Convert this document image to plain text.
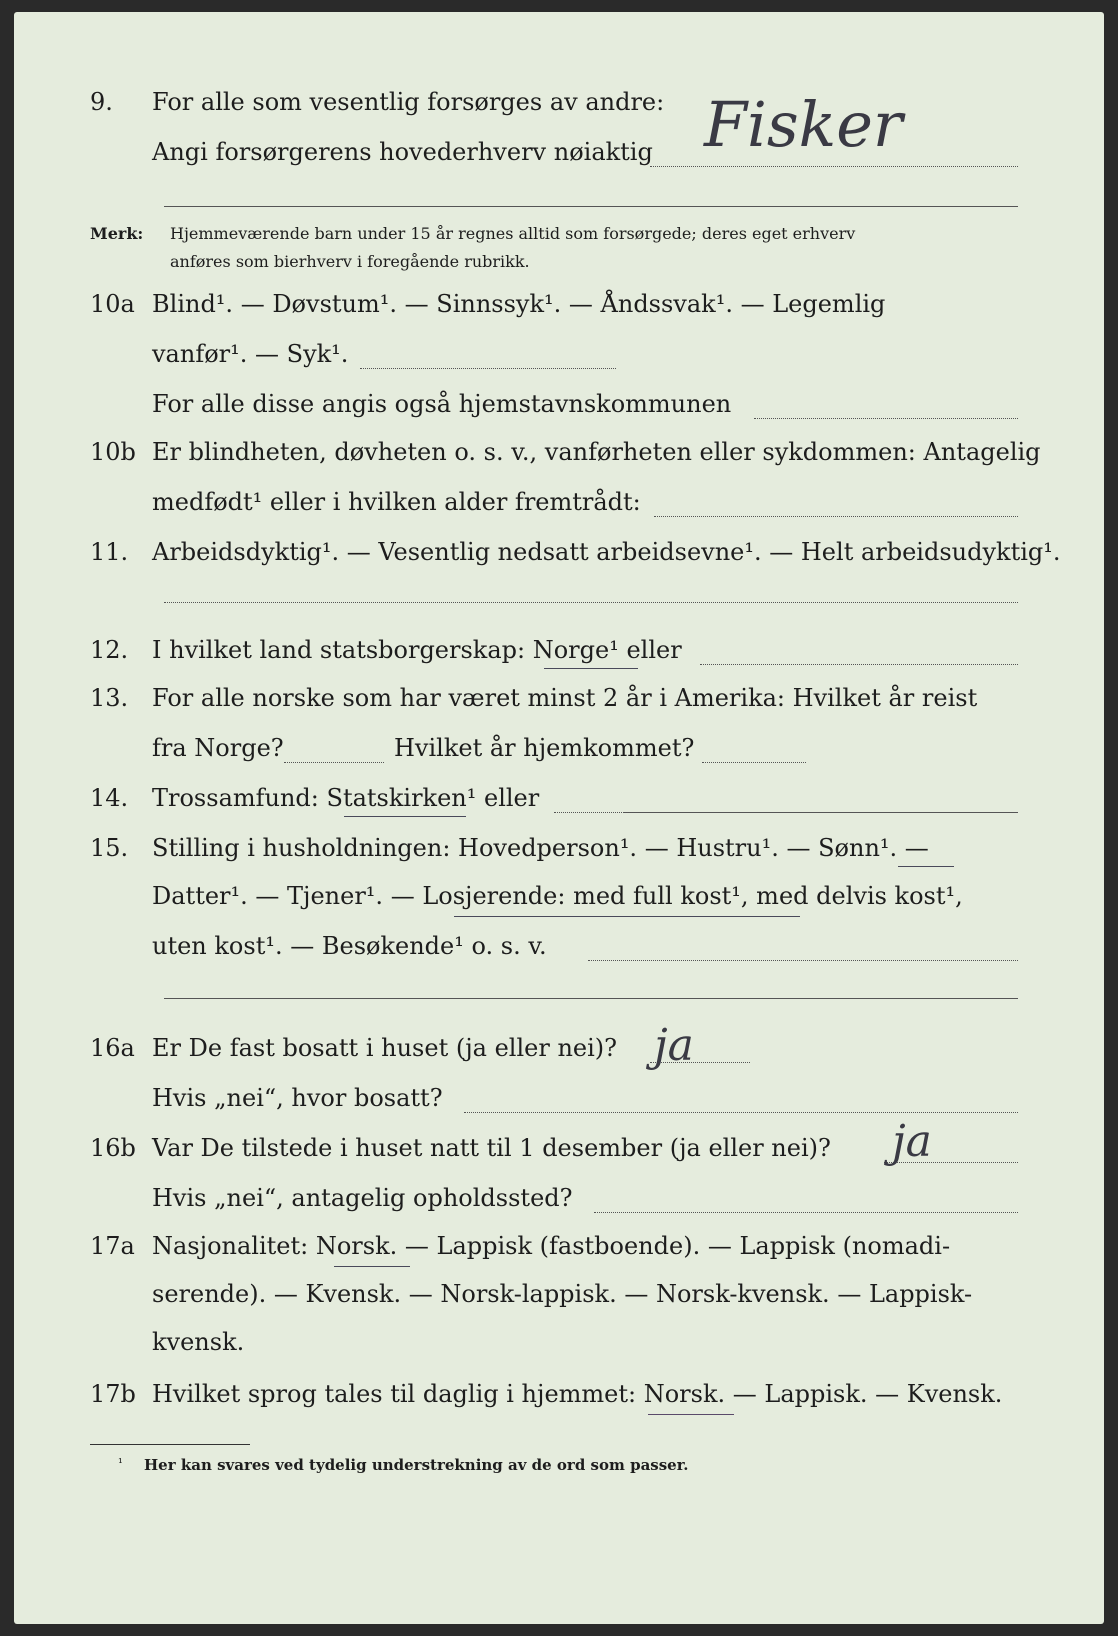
9. For alle som vesentlig forsørges av andre:
Angi forsørgerens hovederhverv nøiaktig Fisker
Merk: Hjemmeværende barn under 15 år regnes alltid som forsørgede; deres eget erhverv
anføres som bierhverv i foregående rubrikk.
10a Blind¹. — Døvstum¹. — Sinnssyk¹. — Åndssvak¹. — Legemlig
vanfør¹. — Syk¹.
For alle disse angis også hjemstavnskommunen
10b Er blindheten, døvheten o. s. v., vanførheten eller sykdommen: Antagelig
medfødt¹ eller i hvilken alder fremtrådt:
11. Arbeidsdyktig¹. — Vesentlig nedsatt arbeidsevne¹. — Helt arbeidsudyktig¹.
12. I hvilket land statsborgerskap: Norge¹ eller
13. For alle norske som har været minst 2 år i Amerika: Hvilket år reist
fra Norge?	Hvilket år hjemkommet?
14. Trossamfund: Statskirken¹ eller
15. Stilling i husholdningen: Hovedperson¹. — Hustru¹. — Sønn¹. —
Datter¹. — Tjener¹. — Losjerende: med full kost¹, med delvis kost¹,
uten kost¹. — Besøkende¹ o. s. v.
16a Er De fast bosatt i huset (ja eller nei)? ja
Hvis „nei“, hvor bosatt?
16b Var De tilstede i huset natt til 1 desember (ja eller nei)? ja
Hvis „nei“, antagelig opholdssted?
17a Nasjonalitet: Norsk. — Lappisk (fastboende). — Lappisk (nomadi-
serende). — Kvensk. — Norsk-lappisk. — Norsk-kvensk. — Lappisk-
kvensk.
17b Hvilket sprog tales til daglig i hjemmet: Norsk. — Lappisk. — Kvensk.
¹ Her kan svares ved tydelig understrekning av de ord som passer.
